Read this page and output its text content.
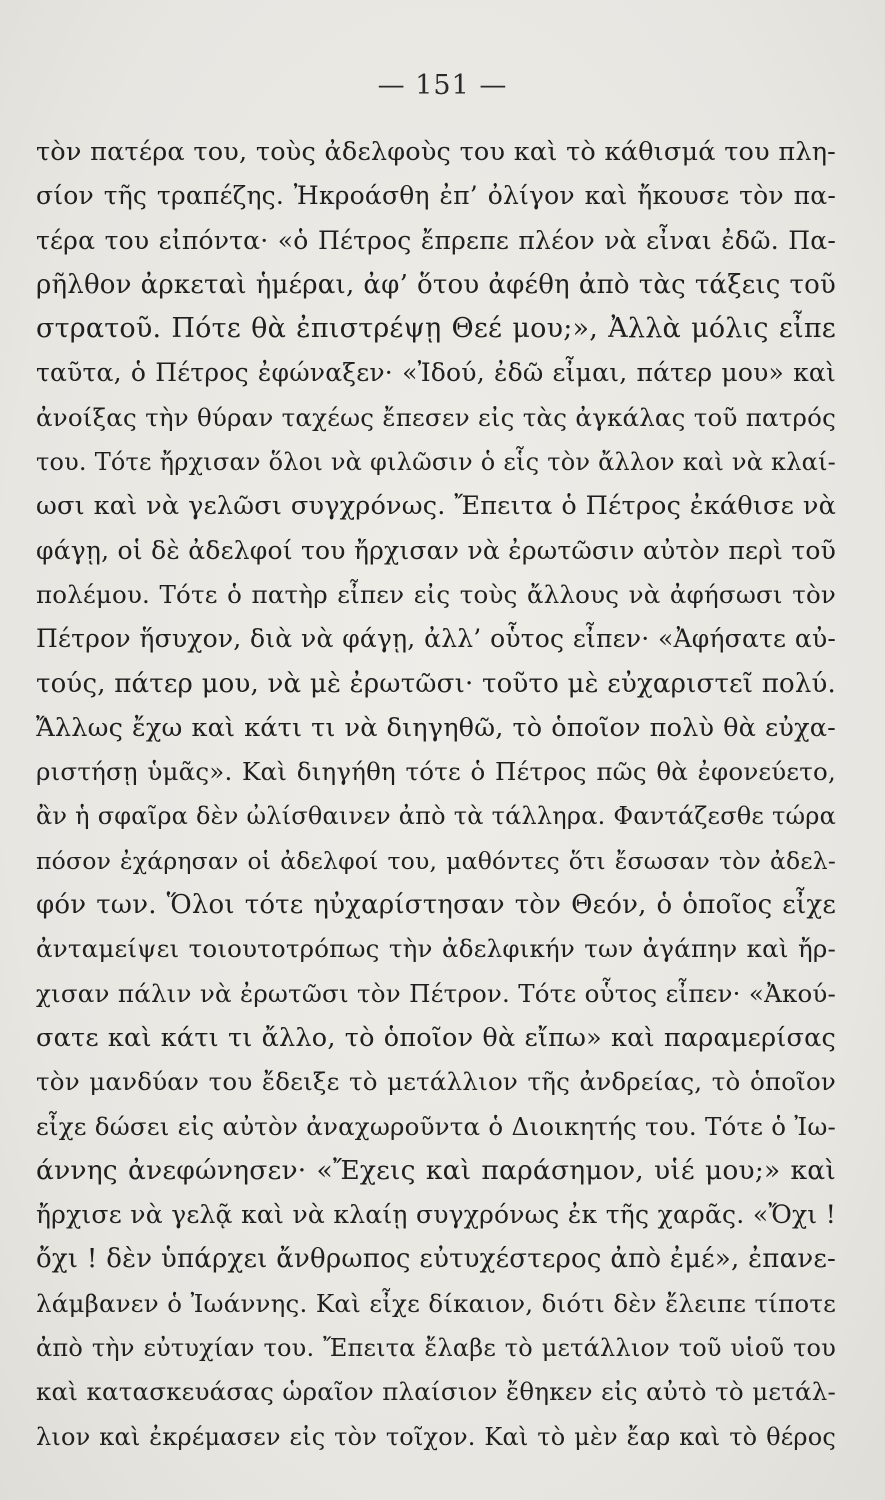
— 151 —
τὸν πατέρα του, τοὺς ἀδελφοὺς του καὶ τὸ κάθισμά του πλη-
σίον τῆς τραπέζης. Ἠκροάσθη ἐπ’ ὀλίγον καὶ ἤκουσε τὸν πα-
τέρα του εἰπόντα· «ὁ Πέτρος ἔπρεπε πλέον νὰ εἶναι ἐδῶ. Πα-
ρῆλθον ἀρκεταὶ ἡμέραι, ἀφ’ ὅτου ἀφέθη ἀπὸ τὰς τάξεις τοῦ
στρατοῦ. Πότε θὰ ἐπιστρέψῃ Θεέ μου;», Ἀλλὰ μόλις εἶπε
ταῦτα, ὁ Πέτρος ἐφώναξεν· «Ἰδού, ἐδῶ εἶμαι, πάτερ μου» καὶ
ἀνοίξας τὴν θύραν ταχέως ἔπεσεν εἰς τὰς ἀγκάλας τοῦ πατρός
του. Τότε ἤρχισαν ὅλοι νὰ φιλῶσιν ὁ εἷς τὸν ἄλλον καὶ νὰ κλαί-
ωσι καὶ νὰ γελῶσι συγχρόνως. Ἔπειτα ὁ Πέτρος ἐκάθισε νὰ
φάγῃ, οἱ δὲ ἀδελφοί του ἤρχισαν νὰ ἐρωτῶσιν αὐτὸν περὶ τοῦ
πολέμου. Τότε ὁ πατὴρ εἶπεν εἰς τοὺς ἄλλους νὰ ἀφήσωσι τὸν
Πέτρον ἥσυχον, διὰ νὰ φάγῃ, ἀλλ’ οὗτος εἶπεν· «Ἀφήσατε αὐ-
τούς, πάτερ μου, νὰ μὲ ἐρωτῶσι· τοῦτο μὲ εὐχαριστεῖ πολύ.
Ἄλλως ἔχω καὶ κάτι τι νὰ διηγηθῶ, τὸ ὁποῖον πολὺ θὰ εὐχα-
ριστήσῃ ὑμᾶς». Καὶ διηγήθη τότε ὁ Πέτρος πῶς θὰ ἐφονεύετο,
ἂν ἡ σφαῖρα δὲν ὠλίσθαινεν ἀπὸ τὰ τάλληρα. Φαντάζεσθε τώρα
πόσον ἐχάρησαν οἱ ἀδελφοί του, μαθόντες ὅτι ἔσωσαν τὸν ἀδελ-
φόν των. Ὅλοι τότε ηὐχαρίστησαν τὸν Θεόν, ὁ ὁποῖος εἶχε
ἀνταμείψει τοιουτοτρόπως τὴν ἀδελφικήν των ἀγάπην καὶ ἤρ-
χισαν πάλιν νὰ ἐρωτῶσι τὸν Πέτρον. Τότε οὗτος εἶπεν· «Ἀκού-
σατε καὶ κάτι τι ἄλλο, τὸ ὁποῖον θὰ εἴπω» καὶ παραμερίσας
τὸν μανδύαν του ἔδειξε τὸ μετάλλιον τῆς ἀνδρείας, τὸ ὁποῖον
εἶχε δώσει εἰς αὐτὸν ἀναχωροῦντα ὁ Διοικητής του. Τότε ὁ Ἰω-
άννης ἀνεφώνησεν· «Ἔχεις καὶ παράσημον, υἱέ μου;» καὶ
ἤρχισε νὰ γελᾷ καὶ νὰ κλαίῃ συγχρόνως ἐκ τῆς χαρᾶς. «Ὄχι !
ὄχι ! δὲν ὑπάρχει ἄνθρωπος εὐτυχέστερος ἀπὸ ἐμέ», ἐπανε-
λάμβανεν ὁ Ἰωάννης. Καὶ εἶχε δίκαιον, διότι δὲν ἔλειπε τίποτε
ἀπὸ τὴν εὐτυχίαν του. Ἔπειτα ἔλαβε τὸ μετάλλιον τοῦ υἱοῦ του
καὶ κατασκευάσας ὡραῖον πλαίσιον ἔθηκεν εἰς αὐτὸ τὸ μετάλ-
λιον καὶ ἐκρέμασεν εἰς τὸν τοῖχον. Καὶ τὸ μὲν ἔαρ καὶ τὸ θέρος
